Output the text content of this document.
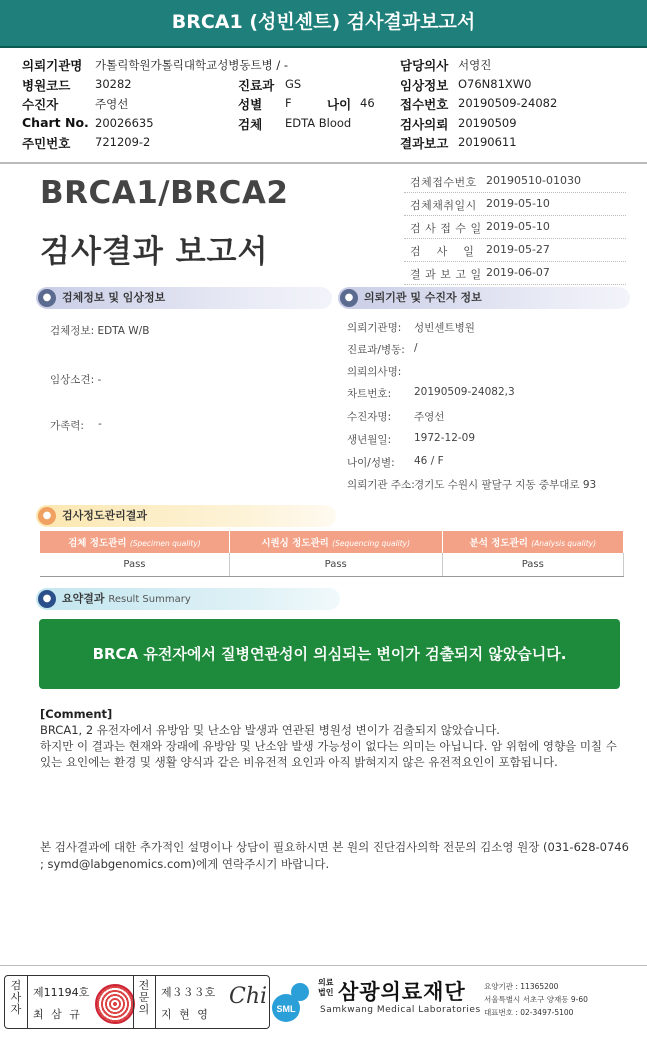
BRCA1 (성빈센트) 검사결과보고서
의뢰기관명 가톨릭학원가톨릭대학교성병동트병 / -
병원코드 30282
수진자	주영선
Chart No. 20026635
주민번호 721209-2
진료과 GS
성별 F	나이 46
검체 EDTA Blood
담당의사 서영진
임상정보 O76N81XW0
접수번호 20190509-24082
검사의뢰 20190509
결과보고 20190611
BRCA1/BRCA2
검사결과 보고서
검체접수번호 20190510-01030
검체채취일시 2019-05-10
검 사 접 수 일 2019-05-10
검　 사　 일 2019-05-27
결 과 보 고 일 2019-06-07
● 검체정보 및 임상정보
검체정보: EDTA W/B
임상소견: -
가족력: -
● 의뢰기관 및 수진자 정보
의뢰기관명: 성빈센트병원
진료과/병동: /
의뢰의사명:
차트번호: 20190509-24082,3
수진자명: 주영선
생년월일: 1972-12-09
나이/성별: 46 / F
의뢰기관 주소: 경기도 수원시 팔달구 지동 중부대로 93
● 검사정도관리결과
검체 정도관리 (Specimen quality)	시퀀싱 정도관리 (Sequencing quality)	분석 정도관리 (Analysis quality)
Pass	Pass	Pass
● 요약결과 Result Summary
BRCA 유전자에서 질병연관성이 의심되는 변이가 검출되지 않았습니다.
[Comment]
BRCA1, 2 유전자에서 유방암 및 난소암 발생과 연관된 병원성 변이가 검출되지 않았습니다.
하지만 이 결과는 현재와 장래에 유방암 및 난소암 발생 가능성이 없다는 의미는 아닙니다. 암 위험에 영향을 미칠 수 있는 요인에는 환경 및 생활 양식과 같은 비유전적 요인과 아직 밝혀지지 않은 유전적요인이 포함됩니다.
본 검사결과에 대한 추가적인 설명이나 상담이 필요하시면 본 원의 진단검사의학 전문의 김소영 원장 (031-628-0746 ; symd@labgenomics.com)에게 연락주시기 바랍니다.
검사자
제11194호
최 삼 규
전문의
제３３３호
지 현 영
Chi SML
의료
법인 삼광의료재단
Samkwang Medical Laboratories
요양기관 : 11365200
서울특별시 서초구 양재동 9-60
대표번호 : 02-3497-5100
